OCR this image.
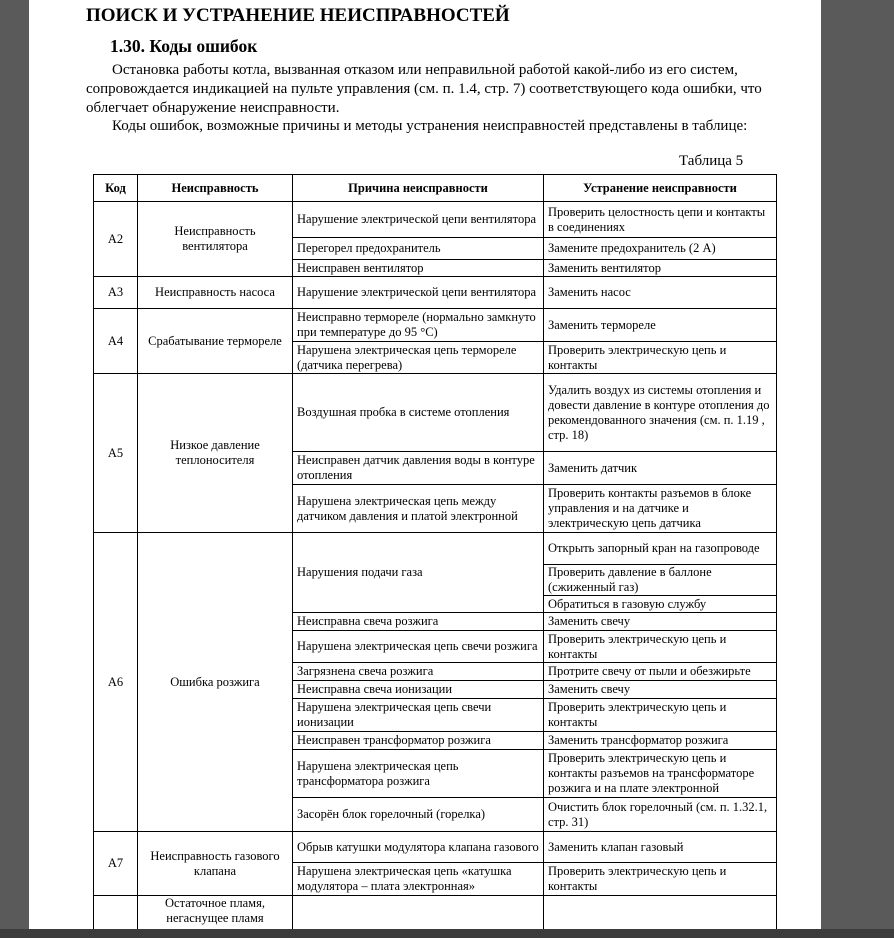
ПОИСК И УСТРАНЕНИЕ НЕИСПРАВНОСТЕЙ
1.30. Коды ошибок
Остановка работы котла, вызванная отказом или неправильной работой какой-либо из его систем, сопровождается индикацией на пульте управления (см. п. 1.4, стр. 7) соответствующего кода ошибки, что облегчает обнаружение неисправности.
Коды ошибок, возможные причины и методы устранения неисправностей представлены в таблице:
Таблица 5
Код	Неисправность	Причина неисправности	Устранение неисправности
A2	Неисправность вентилятора	Нарушение электрической цепи вентилятора	Проверить целостность цепи и контакты в соединениях
		Перегорел предохранитель	Замените предохранитель (2 А)
		Неисправен вентилятор	Заменить вентилятор
A3	Неисправность насоса	Нарушение электрической цепи вентилятора	Заменить насос
A4	Срабатывание термореле	Неисправно термореле (нормально замкнуто при температуре до 95 °С)	Заменить термореле
		Нарушена электрическая цепь термореле (датчика перегрева)	Проверить электрическую цепь и контакты
A5	Низкое давление теплоносителя	Воздушная пробка в системе отопления	Удалить воздух из системы отопления и довести давление в контуре отопления до рекомендованного значения (см. п. 1.19 , стр. 18)
		Неисправен датчик давления воды в контуре отопления	Заменить датчик
		Нарушена электрическая цепь между датчиком давления и платой электронной	Проверить контакты разъемов в блоке управления и на датчике и электрическую цепь датчика
A6	Ошибка розжига	Нарушения подачи газа	Открыть запорный кран на газопроводе
			Проверить давление в баллоне (сжиженный газ)
			Обратиться в газовую службу
		Неисправна свеча розжига	Заменить свечу
		Нарушена электрическая цепь свечи розжига	Проверить электрическую цепь и контакты
		Загрязнена свеча розжига	Протрите свечу от пыли и обезжирьте
		Неисправна свеча ионизации	Заменить свечу
		Нарушена электрическая цепь свечи ионизации	Проверить электрическую цепь и контакты
		Неисправен трансформатор розжига	Заменить трансформатор розжига
		Нарушена электрическая цепь трансформатора розжига	Проверить электрическую цепь и контакты разъемов на трансформаторе розжига и на плате электронной
		Засорён блок горелочный (горелка)	Очистить блок горелочный (см. п. 1.32.1, стр. 31)
A7	Неисправность газового клапана	Обрыв катушки модулятора клапана газового	Заменить клапан газовый
		Нарушена электрическая цепь «катушка модулятора – плата электронная»	Проверить электрическую цепь и контакты
	Остаточное пламя, негаснущее пламя		
